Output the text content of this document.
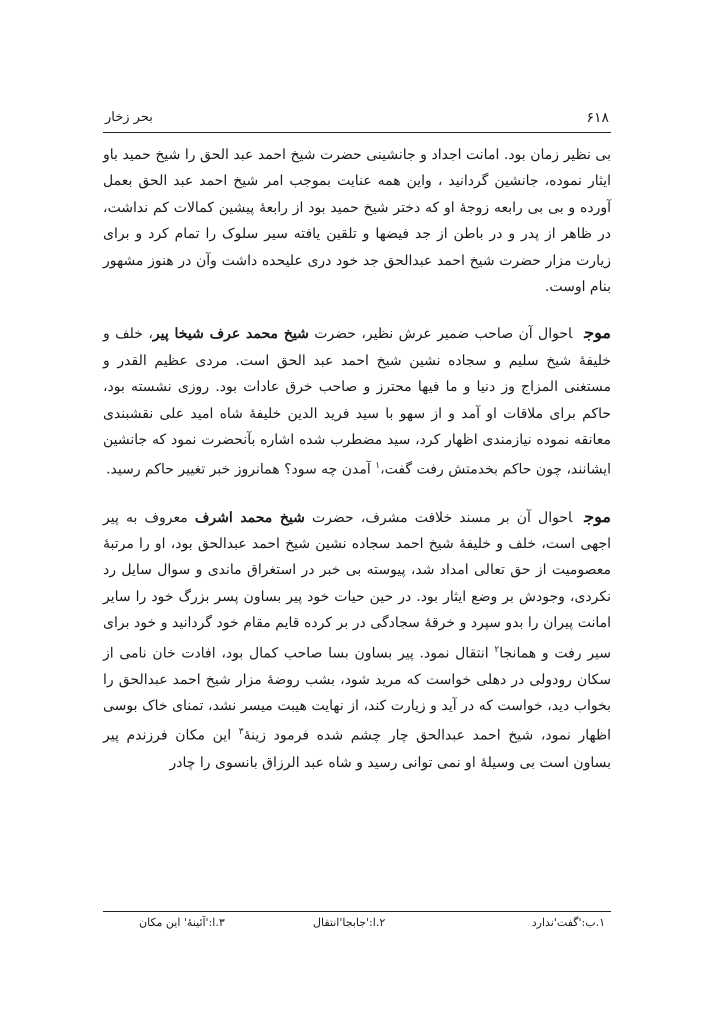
۶۱۸
بحر زخار

بی نظیر زمان بود. امانت اجداد و جانشینی حضرت شیخ احمد عبد الحق را شیخ حمید باو ایثار نموده، جانشین گردانید ، واین همه عنایت بموجب امر شیخ احمد عبد الحق بعمل آورده و بی بی رابعه زوجهٔ او که دختر شیخ حمید بود از رابعهٔ پیشین کمالات کم نداشت، در ظاهر از پدر و در باطن از جد فیضها و تلقین یافته سیر سلوک را تمام کرد و برای زیارت مزار حضرت شیخ احمد عبدالحق جد خود دری علیحده داشت وآن در هنوز مشهور بنام اوست.

موجاحوال آن صاحب ضمیر عرش نظیر، حضرت شیخ محمد عرف شیخا پیر، خلف و خلیفهٔ شیخ سلیم و سجاده نشین شیخ احمد عبد الحق است. مردی عظیم القدر و مستغنی المزاج وز دنیا و ما فیها محترز و صاحب خرق عادات بود. روزی نشسته بود، حاکم برای ملاقات او آمد و از سهو با سید فرید الدین خلیفهٔ شاه امید علی نقشبندی معانقه نموده نیازمندی اظهار کرد، سید مضطرب شده اشاره بآنحضرت نمود که جانشین ایشانند، چون حاکم بخدمتش رفت گفت،$^۱$ آمدن چه سود؟ همانروز خبر تغییر حاکم رسید.

موجاحوال آن بر مسند خلافت مشرف، حضرت شیخ محمد اشرف معروف به پیر اجهی است، خلف و خلیفهٔ شیخ احمد سجاده نشین شیخ احمد عبدالحق بود، او را مرتبهٔ معصومیت از حق تعالی امداد شد، پیوسته بی خبر در استغراق ماندی و سوال سایل رد نکردی، وجودش بر وضع ایثار بود. در حین حیات خود پیر بساون پسر بزرگ خود را سایر امانت پیران را بدو سپرد و خرقهٔ سجادگی در بر کرده قایم مقام خود گردانید و خود برای سیر رفت و همانجا$^۲$ انتقال نمود. پیر بساون بسا صاحب کمال بود، افادت خان نامی از سکان رودولی در دهلی خواست که مرید شود، بشب روضهٔ مزار شیخ احمد عبدالحق را بخواب دید، خواست که در آید و زیارت کند، از نهایت هیبت میسر نشد، تمنای خاک بوسی اظهار نمود، شیخ احمد عبدالحق چار چشم شده فرمود زینهٔ$^۳$ این مکان فرزندم پیر بساون است بی وسیلهٔ او نمی توانی رسید و شاه عبد الرزاق بانسوی را چادر

۱.ب:'گفت'ندارد
۲.ا:'جابجا'انتقال
۳.ا:'آئینهٔ' این مکان
